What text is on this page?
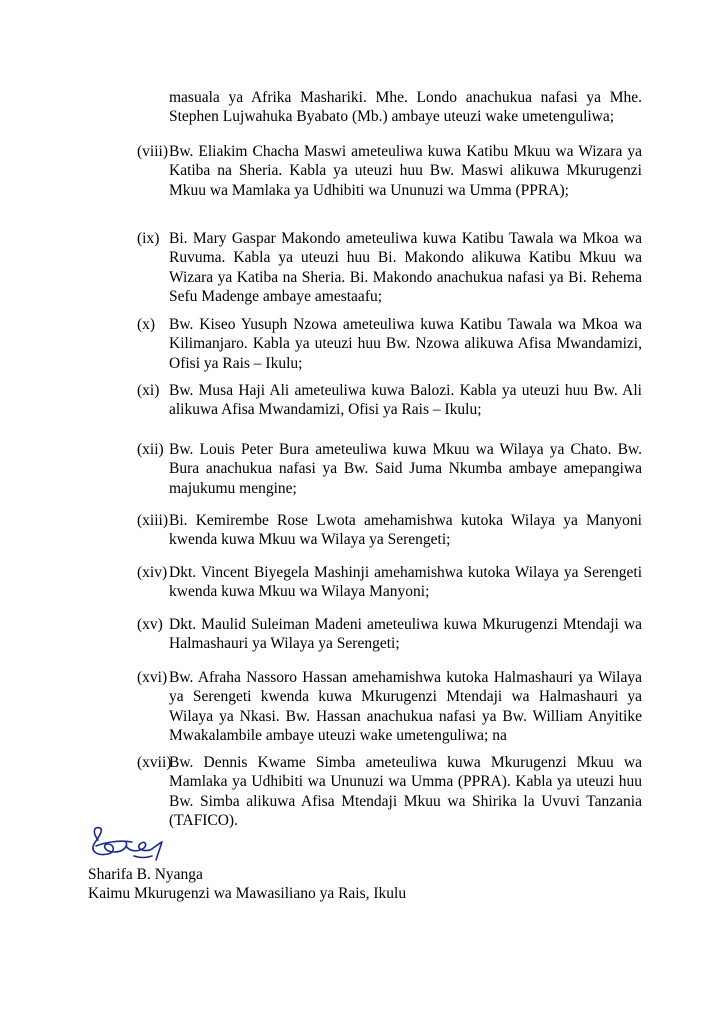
masuala ya Afrika Mashariki. Mhe. Londo anachukua nafasi ya Mhe. Stephen Lujwahuka Byabato (Mb.) ambaye uteuzi wake umetenguliwa;
(viii) Bw. Eliakim Chacha Maswi ameteuliwa kuwa Katibu Mkuu wa Wizara ya Katiba na Sheria. Kabla ya uteuzi huu Bw. Maswi alikuwa Mkurugenzi Mkuu wa Mamlaka ya Udhibiti wa Ununuzi wa Umma (PPRA);
(ix) Bi. Mary Gaspar Makondo ameteuliwa kuwa Katibu Tawala wa Mkoa wa Ruvuma. Kabla ya uteuzi huu Bi. Makondo alikuwa Katibu Mkuu wa Wizara ya Katiba na Sheria. Bi. Makondo anachukua nafasi ya Bi. Rehema Sefu Madenge ambaye amestaafu;
(x) Bw. Kiseo Yusuph Nzowa ameteuliwa kuwa Katibu Tawala wa Mkoa wa Kilimanjaro. Kabla ya uteuzi huu Bw. Nzowa alikuwa Afisa Mwandamizi, Ofisi ya Rais – Ikulu;
(xi) Bw. Musa Haji Ali ameteuliwa kuwa Balozi. Kabla ya uteuzi huu Bw. Ali alikuwa Afisa Mwandamizi, Ofisi ya Rais – Ikulu;
(xii) Bw. Louis Peter Bura ameteuliwa kuwa Mkuu wa Wilaya ya Chato. Bw. Bura anachukua nafasi ya Bw. Said Juma Nkumba ambaye amepangiwa majukumu mengine;
(xiii) Bi. Kemirembe Rose Lwota amehamishwa kutoka Wilaya ya Manyoni kwenda kuwa Mkuu wa Wilaya ya Serengeti;
(xiv) Dkt. Vincent Biyegela Mashinji amehamishwa kutoka Wilaya ya Serengeti kwenda kuwa Mkuu wa Wilaya Manyoni;
(xv) Dkt. Maulid Suleiman Madeni ameteuliwa kuwa Mkurugenzi Mtendaji wa Halmashauri ya Wilaya ya Serengeti;
(xvi) Bw. Afraha Nassoro Hassan amehamishwa kutoka Halmashauri ya Wilaya ya Serengeti kwenda kuwa Mkurugenzi Mtendaji wa Halmashauri ya Wilaya ya Nkasi. Bw. Hassan anachukua nafasi ya Bw. William Anyitike Mwakalambile ambaye uteuzi wake umetenguliwa; na
(xvii)
Bw. Dennis Kwame Simba ameteuliwa kuwa Mkurugenzi Mkuu wa Mamlaka ya Udhibiti wa Ununuzi wa Umma (PPRA). Kabla ya uteuzi huu Bw. Simba alikuwa Afisa Mtendaji Mkuu wa Shirika la Uvuvi Tanzania (TAFICO).
Sharifa B. Nyanga
Kaimu Mkurugenzi wa Mawasiliano ya Rais, Ikulu
